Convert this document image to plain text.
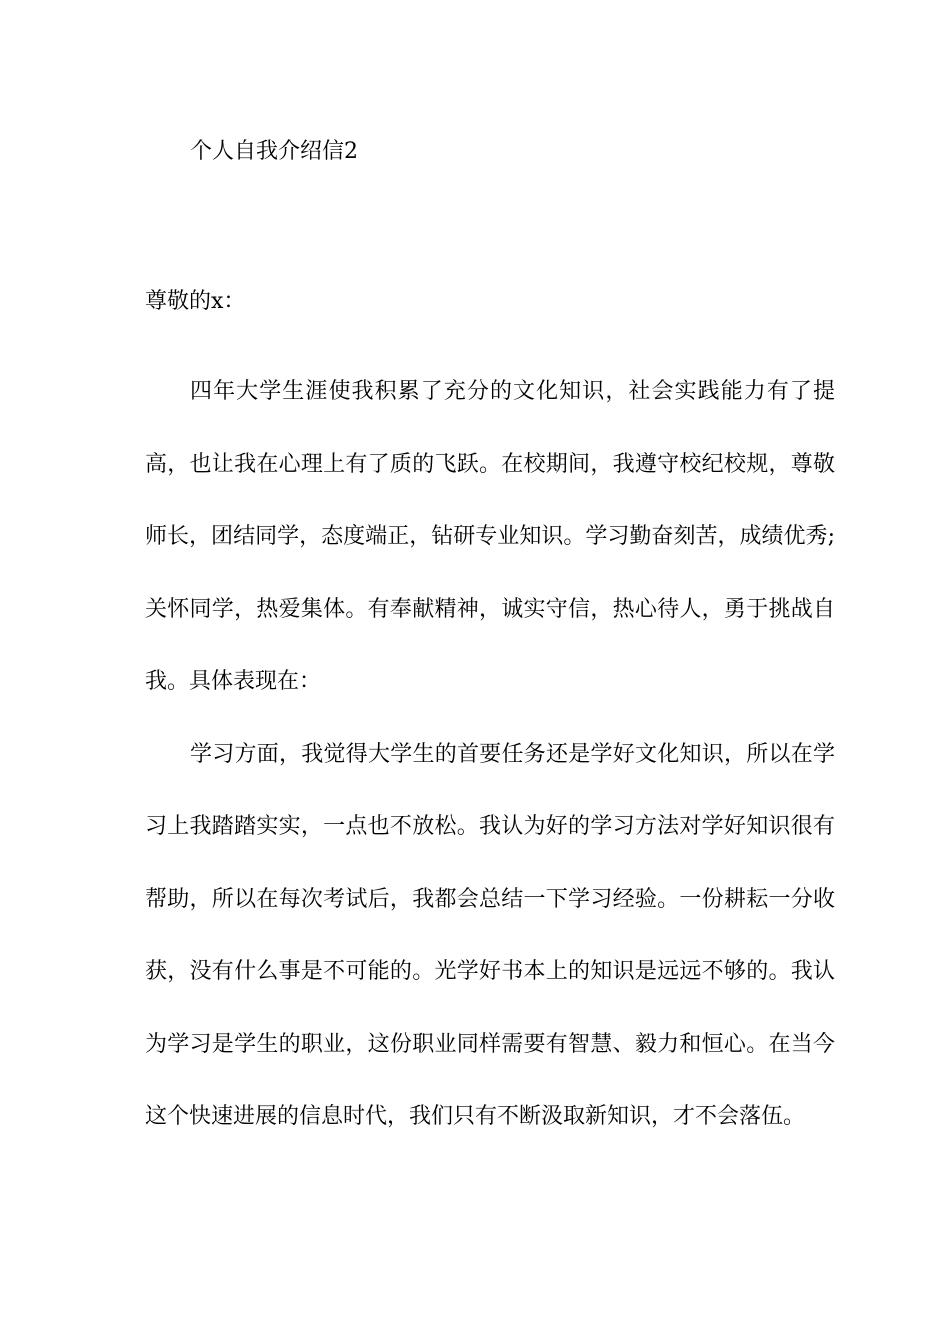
个人自我介绍信2

尊敬的x：

四年大学生涯使我积累了充分的文化知识，社会实践能力有了提高，也让我在心理上有了质的飞跃。在校期间，我遵守校纪校规，尊敬师长，团结同学，态度端正，钻研专业知识。学习勤奋刻苦，成绩优秀;关怀同学，热爱集体。有奉献精神，诚实守信，热心待人，勇于挑战自我。具体表现在：

学习方面，我觉得大学生的首要任务还是学好文化知识，所以在学习上我踏踏实实，一点也不放松。我认为好的学习方法对学好知识很有帮助，所以在每次考试后，我都会总结一下学习经验。一份耕耘一分收获，没有什么事是不可能的。光学好书本上的知识是远远不够的。我认为学习是学生的职业，这份职业同样需要有智慧、毅力和恒心。在当今这个快速进展的信息时代，我们只有不断汲取新知识，才不会落伍。
